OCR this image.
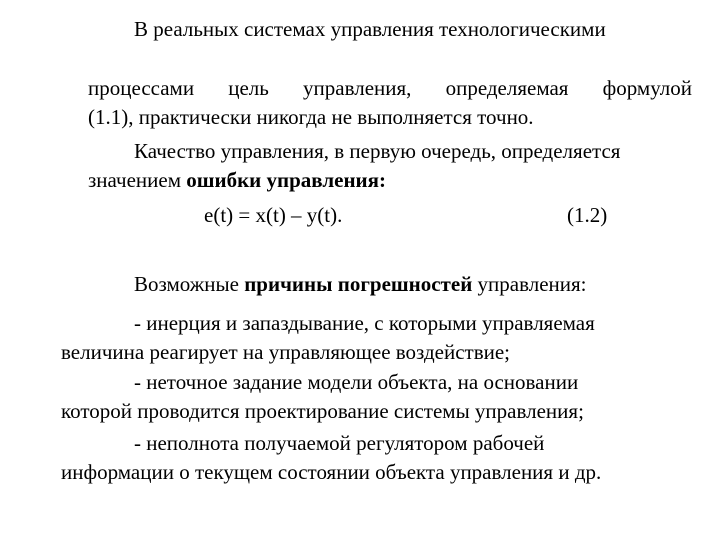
В реальных системах управления технологическими
процессами цель управления, определяемая формулой
(1.1), практически никогда не выполняется точно.
Качество управления, в первую очередь, определяется
значением ошибки управления:
e(t) = x(t) – y(t).	(1.2)
Возможные причины погрешностей управления:
- инерция и запаздывание, с которыми управляемая
величина реагирует на управляющее воздействие;
- неточное задание модели объекта, на основании
которой проводится проектирование системы управления;
- неполнота получаемой регулятором рабочей
информации о текущем состоянии объекта управления и др.
